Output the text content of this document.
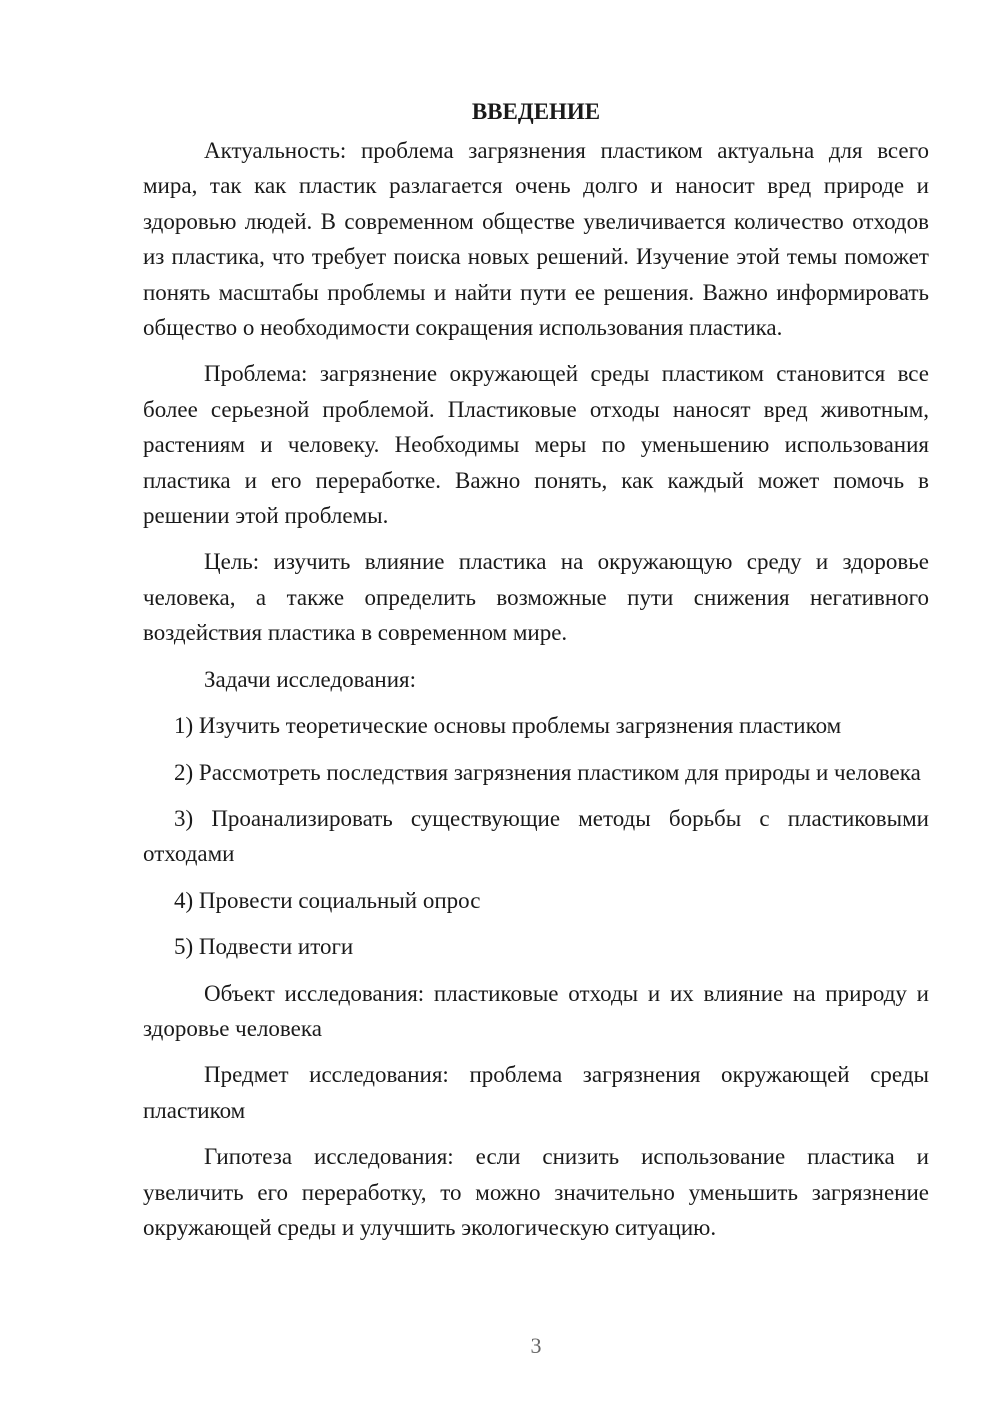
ВВЕДЕНИЕ

Актуальность: проблема загрязнения пластиком актуальна для всего мира, так как пластик разлагается очень долго и наносит вред природе и здоровью людей. В современном обществе увеличивается количество отходов из пластика, что требует поиска новых решений. Изучение этой темы поможет понять масштабы проблемы и найти пути ее решения. Важно информировать общество о необходимости сокращения использования пластика.

Проблема: загрязнение окружающей среды пластиком становится все более серьезной проблемой. Пластиковые отходы наносят вред животным, растениям и человеку. Необходимы меры по уменьшению использования пластика и его переработке. Важно понять, как каждый может помочь в решении этой проблемы.

Цель: изучить влияние пластика на окружающую среду и здоровье человека, а также определить возможные пути снижения негативного воздействия пластика в современном мире.

Задачи исследования:

1) Изучить теоретические основы проблемы загрязнения пластиком

2) Рассмотреть последствия загрязнения пластиком для природы и человека

3) Проанализировать существующие методы борьбы с пластиковыми отходами

4) Провести социальный опрос

5) Подвести итоги

Объект исследования: пластиковые отходы и их влияние на природу и здоровье человека

Предмет исследования: проблема загрязнения окружающей среды пластиком

Гипотеза исследования: если снизить использование пластика и увеличить его переработку, то можно значительно уменьшить загрязнение окружающей среды и улучшить экологическую ситуацию.

3
